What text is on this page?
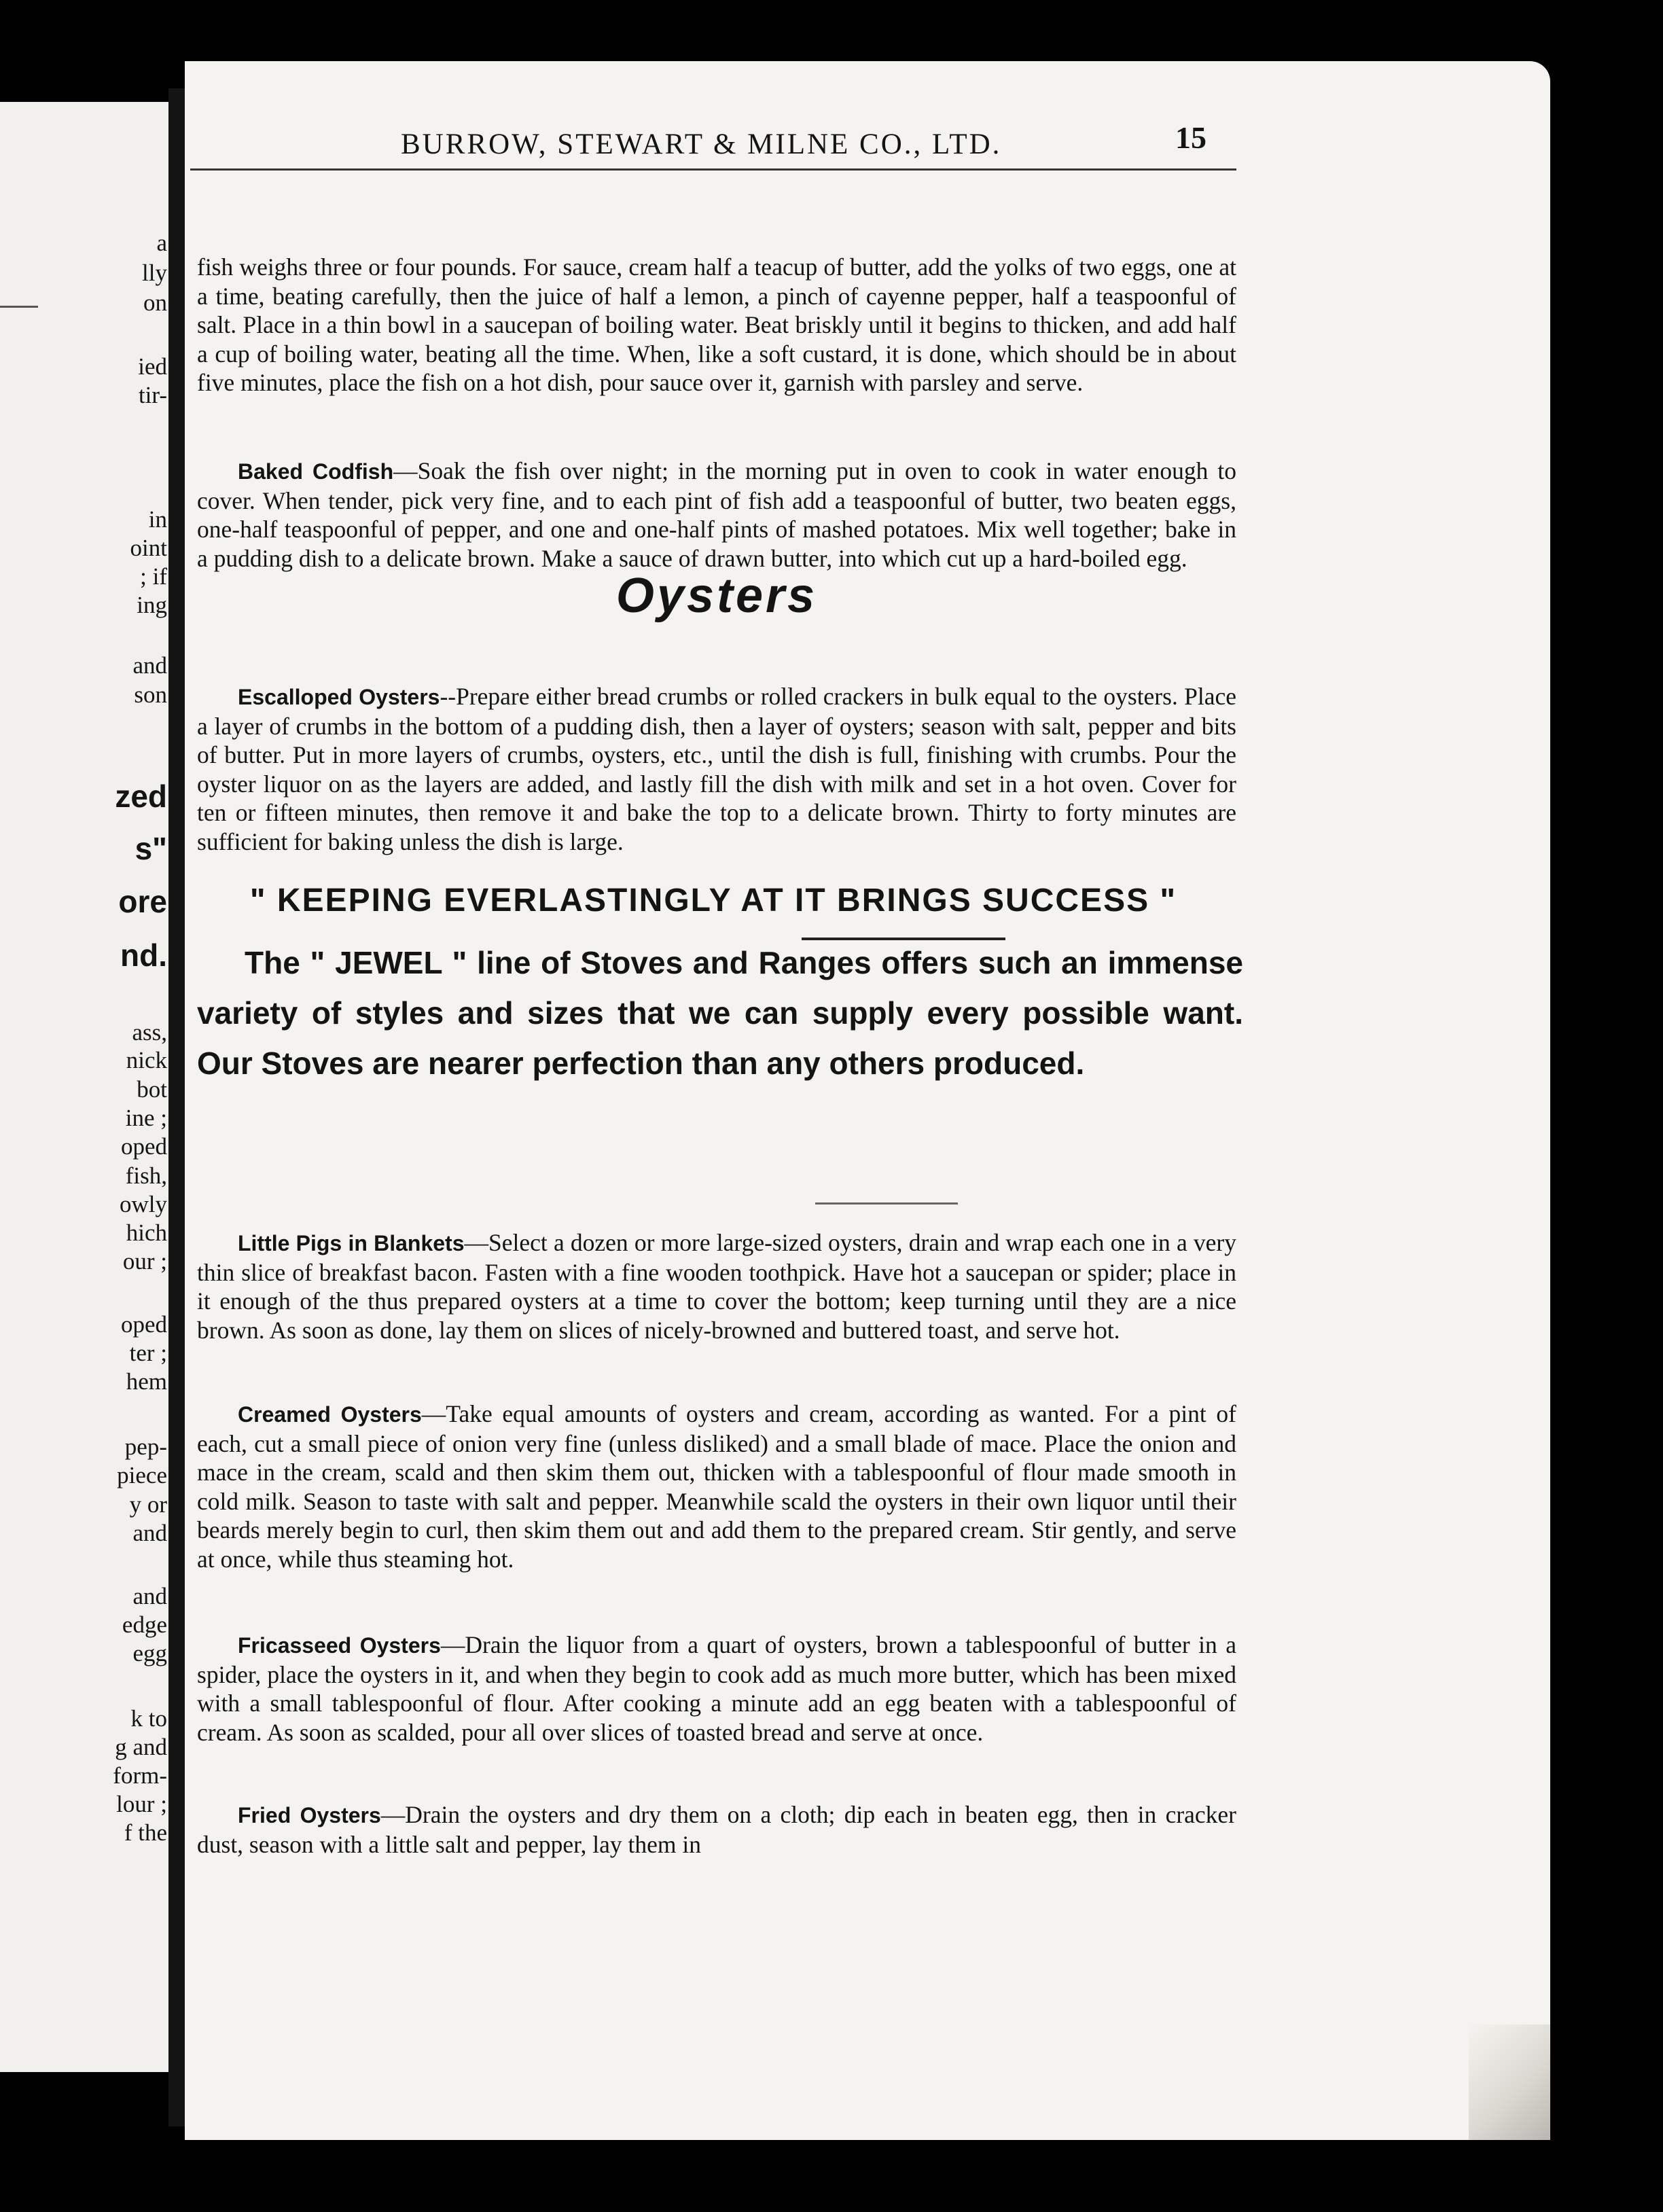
a
lly
on
ied
tir-
in
oint
; if
ing
and
son
zed
s"
ore
nd.
ass,
nick
bot
ine ;
oped
fish,
owly
hich
our ;
oped
ter ;
hem
pep-
piece
y or
and
and
edge
egg
k to
g and
form-
lour ;
f the
BURROW, STEWART & MILNE CO., LTD.	15

fish weighs three or four pounds. For sauce, cream half a teacup of butter, add the yolks of two eggs, one at a time, beating carefully, then the juice of half a lemon, a pinch of cayenne pepper, half a teaspoonful of salt. Place in a thin bowl in a saucepan of boiling water. Beat briskly until it begins to thicken, and add half a cup of boiling water, beating all the time. When, like a soft custard, it is done, which should be in about five minutes, place the fish on a hot dish, pour sauce over it, garnish with parsley and serve.

Baked Codfish—Soak the fish over night; in the morning put in oven to cook in water enough to cover. When tender, pick very fine, and to each pint of fish add a teaspoonful of butter, two beaten eggs, one-half teaspoonful of pepper, and one and one-half pints of mashed potatoes. Mix well together; bake in a pudding dish to a delicate brown. Make a sauce of drawn butter, into which cut up a hard-boiled egg.

Oysters

Escalloped Oysters--Prepare either bread crumbs or rolled crackers in bulk equal to the oysters. Place a layer of crumbs in the bottom of a pudding dish, then a layer of oysters; season with salt, pepper and bits of butter. Put in more layers of crumbs, oysters, etc., until the dish is full, finishing with crumbs. Pour the oyster liquor on as the layers are added, and lastly fill the dish with milk and set in a hot oven. Cover for ten or fifteen minutes, then remove it and bake the top to a delicate brown. Thirty to forty minutes are sufficient for baking unless the dish is large.

" KEEPING EVERLASTINGLY AT IT BRINGS SUCCESS "

The " JEWEL " line of Stoves and Ranges offers such an immense variety of styles and sizes that we can supply every possible want. Our Stoves are nearer perfection than any others produced.

Little Pigs in Blankets—Select a dozen or more large-sized oysters, drain and wrap each one in a very thin slice of breakfast bacon. Fasten with a fine wooden toothpick. Have hot a saucepan or spider; place in it enough of the thus prepared oysters at a time to cover the bottom; keep turning until they are a nice brown. As soon as done, lay them on slices of nicely-browned and buttered toast, and serve hot.

Creamed Oysters—Take equal amounts of oysters and cream, according as wanted. For a pint of each, cut a small piece of onion very fine (unless disliked) and a small blade of mace. Place the onion and mace in the cream, scald and then skim them out, thicken with a tablespoonful of flour made smooth in cold milk. Season to taste with salt and pepper. Meanwhile scald the oysters in their own liquor until their beards merely begin to curl, then skim them out and add them to the prepared cream. Stir gently, and serve at once, while thus steaming hot.

Fricasseed Oysters—Drain the liquor from a quart of oysters, brown a tablespoonful of butter in a spider, place the oysters in it, and when they begin to cook add as much more butter, which has been mixed with a small tablespoonful of flour. After cooking a minute add an egg beaten with a tablespoonful of cream. As soon as scalded, pour all over slices of toasted bread and serve at once.

Fried Oysters—Drain the oysters and dry them on a cloth; dip each in beaten egg, then in cracker dust, season with a little salt and pepper, lay them in
